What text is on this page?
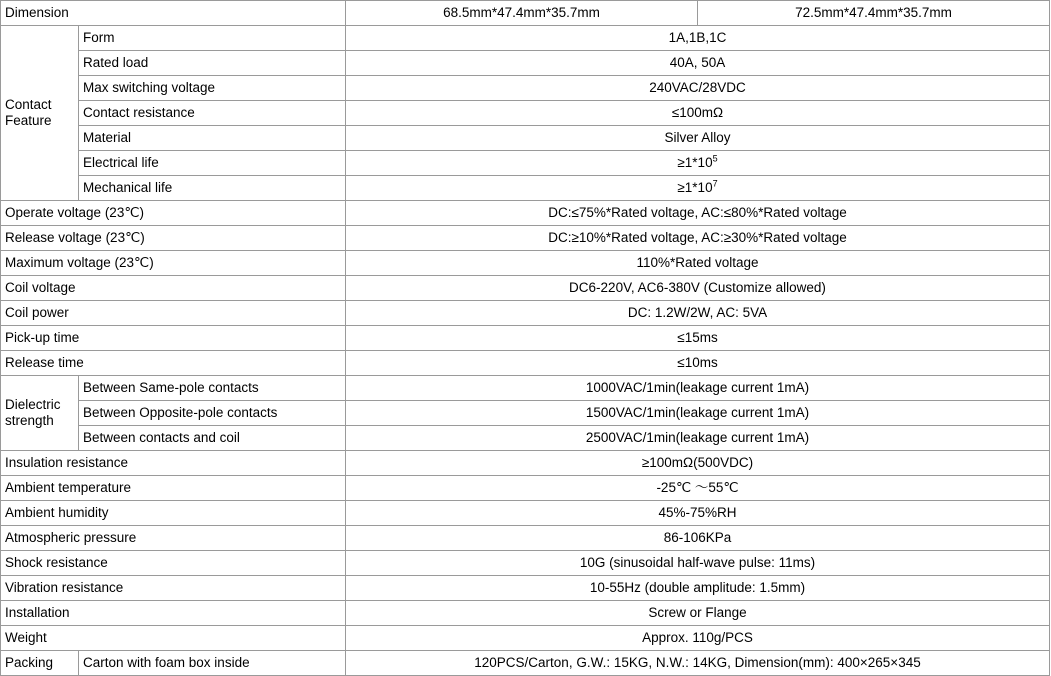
Dimension		68.5mm*47.4mm*35.7mm	72.5mm*47.4mm*35.7mm

Contact
Feature	Form	1A,1B,1C	
	Rated load	40A, 50A	
	Max switching voltage	240VAC/28VDC	
	Contact resistance	≤100mΩ	
	Material	Silver Alloy	
	Electrical life	$\ge 1*10^5$
	Mechanical life	$\ge 1*10^7$
Operate voltage (23℃)		DC:≤75%*Rated voltage, AC:≤80%*Rated voltage	
Release voltage (23℃)		DC:≥10%*Rated voltage, AC:≥30%*Rated voltage	
Maximum voltage (23℃)		110%*Rated voltage	
Coil voltage		DC6-220V, AC6-380V (Customize allowed)	
Coil power		DC: 1.2W/2W, AC: 5VA	
Pick-up time		≤15ms	
Release time		≤10ms	

Dielectric
strength	Between Same-pole contacts	1000VAC/1min(leakage current 1mA)	
	Between Opposite-pole contacts	1500VAC/1min(leakage current 1mA)	
	Between contacts and coil	2500VAC/1min(leakage current 1mA)	
Insulation resistance		≥100mΩ(500VDC)	
Ambient temperature		-25℃ ～55℃	
Ambient humidity		45%-75%RH	
Atmospheric pressure		86-106KPa	
Shock resistance		10G (sinusoidal half-wave pulse: 11ms)	
Vibration resistance		10-55Hz (double amplitude: 1.5mm)	
Installation		Screw or Flange	
Weight		Approx. 110g/PCS	
Packing	Carton with foam box inside	120PCS/Carton, G.W.: 15KG, N.W.: 14KG, Dimension(mm): 400×265×345	
